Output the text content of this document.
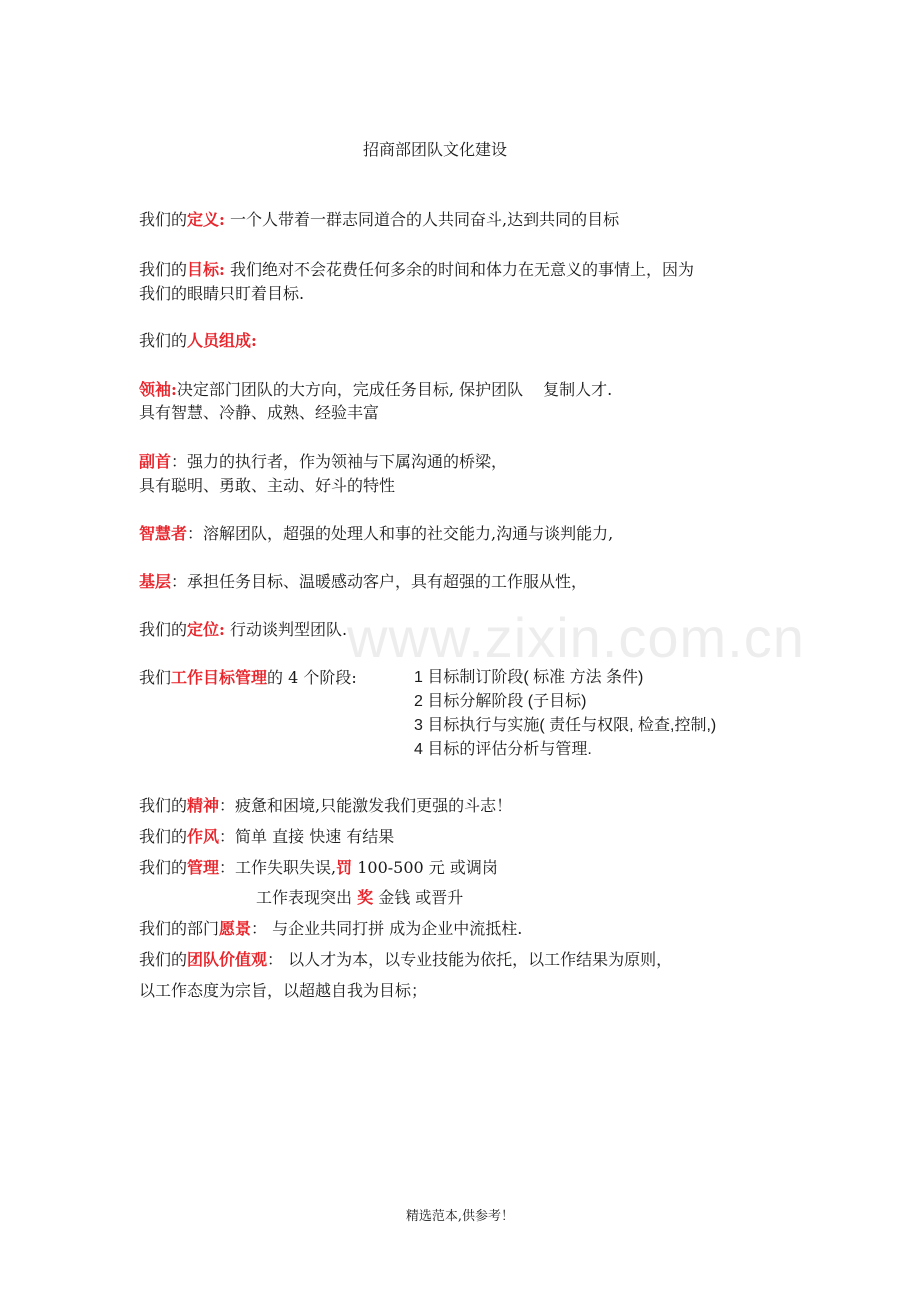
www.zixin.com.cn
招商部团队文化建设
我们的定义: 一个人带着一群志同道合的人共同奋斗,达到共同的目标
我们的目标: 我们绝对不会花费任何多余的时间和体力在无意义的事情上，因为
我们的眼睛只盯着目标.
我们的人员组成:
领袖:决定部门团队的大方向，完成任务目标, 保护团队 复制人才.
具有智慧、冷静、成熟、经验丰富
副首：强力的执行者，作为领袖与下属沟通的桥梁，
具有聪明、勇敢、主动、好斗的特性
智慧者：溶解团队，超强的处理人和事的社交能力,沟通与谈判能力,
基层：承担任务目标、温暖感动客户，具有超强的工作服从性，
我们的定位: 行动谈判型团队.
我们工作目标管理的 4 个阶段:	1 目标制订阶段( 标准 方法 条件)
2 目标分解阶段 (子目标)
3 目标执行与实施( 责任与权限, 检查,控制,)
4 目标的评估分析与管理.
我们的精神：疲惫和困境,只能激发我们更强的斗志！
我们的作风：简单 直接 快速 有结果
我们的管理：工作失职失误,罚 100-500 元 或调岗
工作表现突出 奖 金钱 或晋升
我们的部门愿景： 与企业共同打拼 成为企业中流抵柱.
我们的团队价值观： 以人才为本，以专业技能为依托，以工作结果为原则，
以工作态度为宗旨，以超越自我为目标；
精选范本,供参考！
